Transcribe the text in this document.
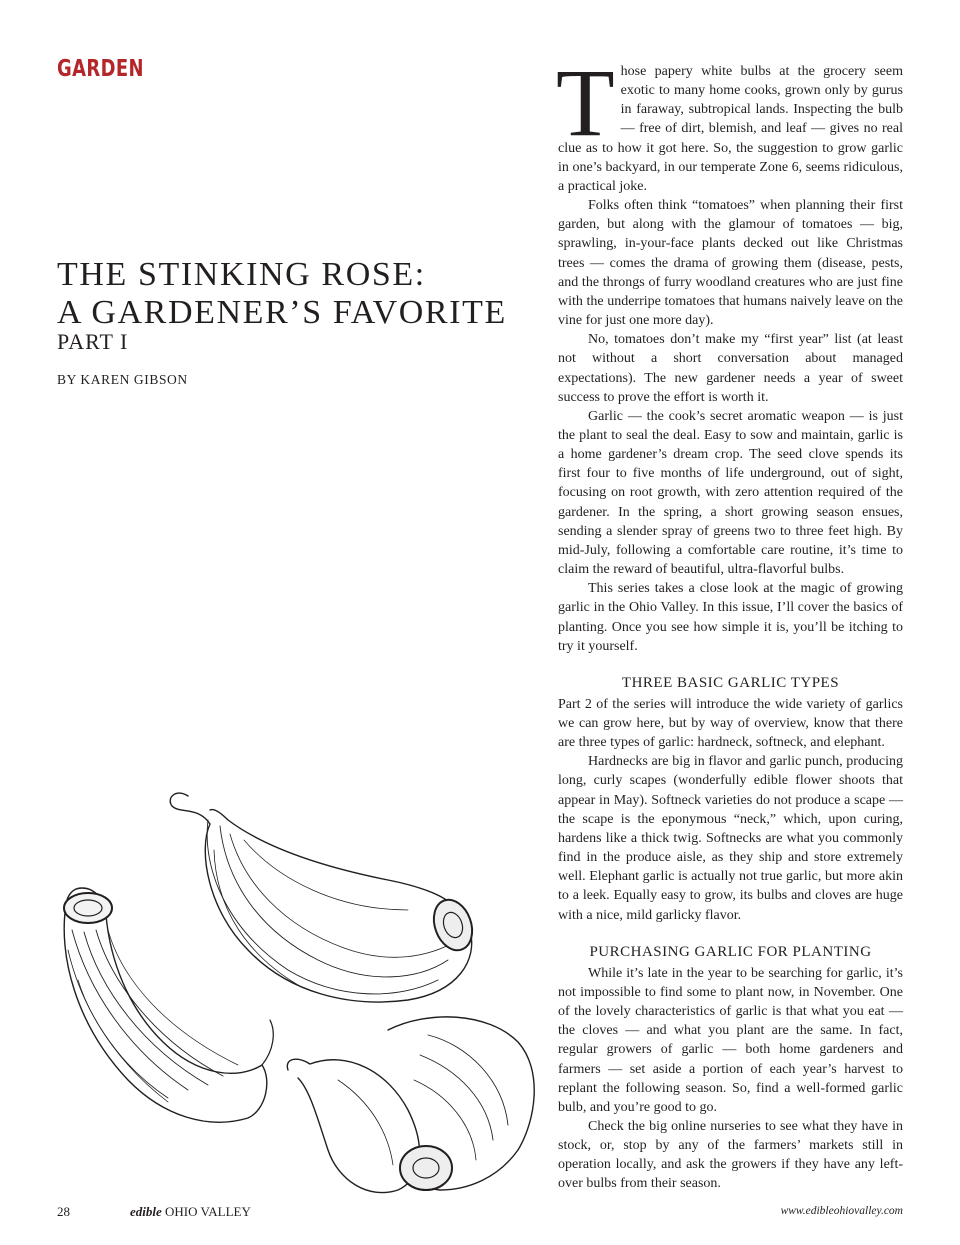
GARDEN
THE STINKING ROSE:
A GARDENER’S FAVORITE
PART I
BY KAREN GIBSON

Those papery white bulbs at the grocery seem exotic to many home cooks, grown only by gurus in faraway, subtropical lands. Inspecting the bulb — free of dirt, blemish, and leaf — gives no real clue as to how it got here. So, the suggestion to grow garlic in one’s backyard, in our temperate Zone 6, seems ridiculous, a practical joke.

Folks often think “tomatoes” when planning their first garden, but along with the glamour of tomatoes — big, sprawling, in-your-face plants decked out like Christmas trees — comes the drama of growing them (disease, pests, and the throngs of furry woodland creatures who are just fine with the underripe tomatoes that humans naively leave on the vine for just one more day).

No, tomatoes don’t make my “first year” list (at least not without a short conversation about managed expectations). The new gardener needs a year of sweet success to prove the effort is worth it.

Garlic — the cook’s secret aromatic weapon — is just the plant to seal the deal. Easy to sow and maintain, garlic is a home gardener’s dream crop. The seed clove spends its first four to five months of life underground, out of sight, focusing on root growth, with zero attention required of the gardener. In the spring, a short growing season ensues, sending a slender spray of greens two to three feet high. By mid-July, following a comfortable care routine, it’s time to claim the reward of beautiful, ultra-flavorful bulbs.

This series takes a close look at the magic of growing garlic in the Ohio Valley. In this issue, I’ll cover the basics of planting. Once you see how simple it is, you’ll be itching to try it yourself.

THREE BASIC GARLIC TYPES

Part 2 of the series will introduce the wide variety of garlics we can grow here, but by way of overview, know that there are three types of garlic: hardneck, softneck, and elephant.

Hardnecks are big in flavor and garlic punch, producing long, curly scapes (wonderfully edible flower shoots that appear in May). Softneck varieties do not produce a scape — the scape is the eponymous “neck,” which, upon curing, hardens like a thick twig. Softnecks are what you commonly find in the produce aisle, as they ship and store extremely well. Elephant garlic is actually not true garlic, but more akin to a leek. Equally easy to grow, its bulbs and cloves are huge with a nice, mild garlicky flavor.

PURCHASING GARLIC FOR PLANTING

While it’s late in the year to be searching for garlic, it’s not impossible to find some to plant now, in November. One of the lovely characteristics of garlic is that what you eat — the cloves — and what you plant are the same. In fact, regular growers of garlic — both home gardeners and farmers — set aside a portion of each year’s harvest to replant the following season. So, find a well-formed garlic bulb, and you’re good to go.

Check the big online nurseries to see what they have in stock, or, stop by any of the farmers’ markets still in operation locally, and ask the growers if they have any left-over bulbs from their season.

28	edible OHIO VALLEY	www.edibleohiovalley.com
